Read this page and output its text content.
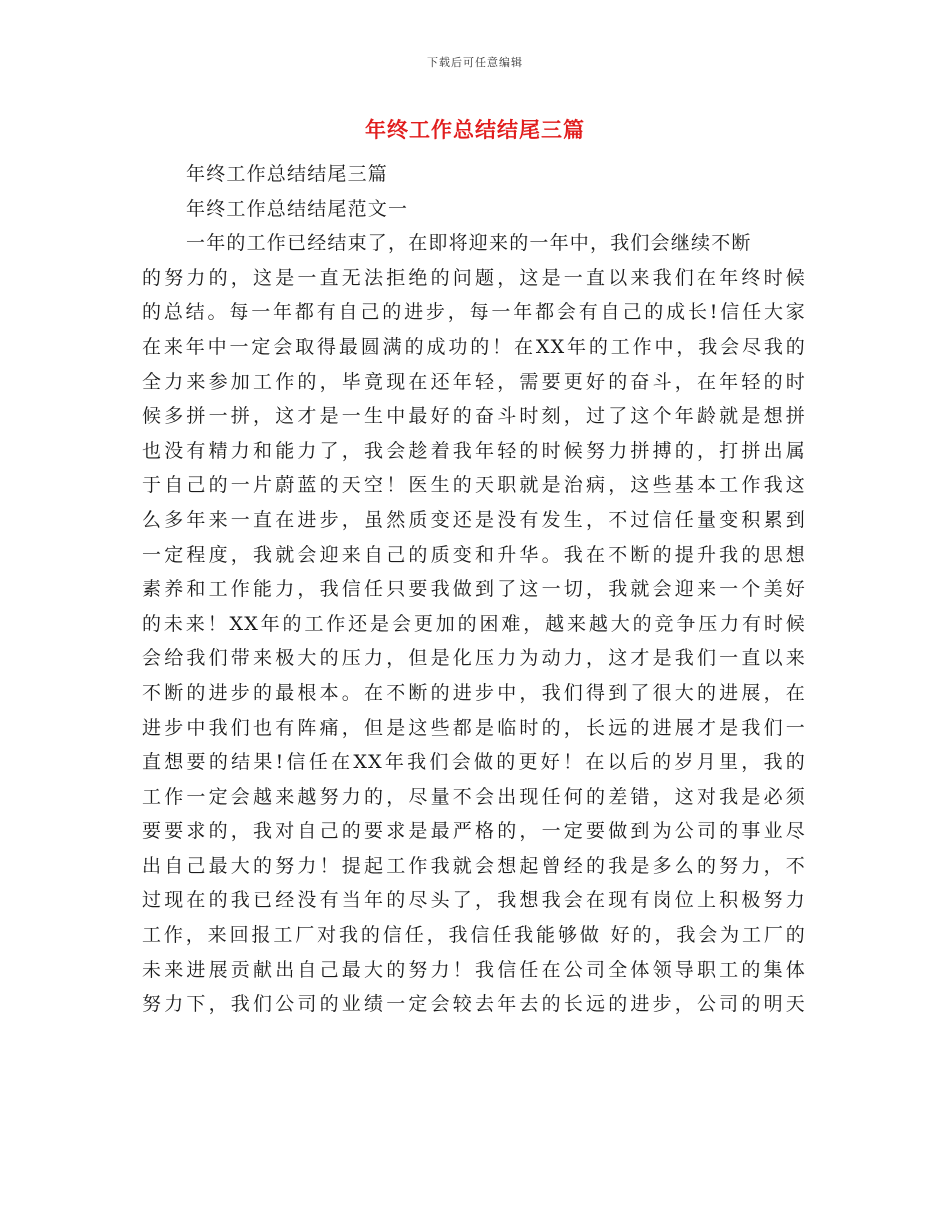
下载后可任意编辑
年终工作总结结尾三篇
年终工作总结结尾三篇
年终工作总结结尾范文一
一年的工作已经结束了，在即将迎来的一年中，我们会继续不断
的努力的，这是一直无法拒绝的问题，这是一直以来我们在年终时候
的总结。每一年都有自己的进步，每一年都会有自己的成长!信任大家
在来年中一定会取得最圆满的成功的！在XX年的工作中，我会尽我的
全力来参加工作的，毕竟现在还年轻，需要更好的奋斗，在年轻的时
候多拼一拼，这才是一生中最好的奋斗时刻，过了这个年龄就是想拼
也没有精力和能力了，我会趁着我年轻的时候努力拼搏的，打拼出属
于自己的一片蔚蓝的天空！医生的天职就是治病，这些基本工作我这
么多年来一直在进步，虽然质变还是没有发生，不过信任量变积累到
一定程度，我就会迎来自己的质变和升华。我在不断的提升我的思想
素养和工作能力，我信任只要我做到了这一切，我就会迎来一个美好
的未来！XX年的工作还是会更加的困难，越来越大的竞争压力有时候
会给我们带来极大的压力，但是化压力为动力，这才是我们一直以来
不断的进步的最根本。在不断的进步中，我们得到了很大的进展，在
进步中我们也有阵痛，但是这些都是临时的，长远的进展才是我们一
直想要的结果!信任在XX年我们会做的更好！在以后的岁月里，我的
工作一定会越来越努力的，尽量不会出现任何的差错，这对我是必须
要要求的，我对自己的要求是最严格的，一定要做到为公司的事业尽
出自己最大的努力！提起工作我就会想起曾经的我是多么的努力，不
过现在的我已经没有当年的尽头了，我想我会在现有岗位上积极努力
工作，来回报工厂对我的信任，我信任我能够做 好的，我会为工厂的
未来进展贡献出自己最大的努力！我信任在公司全体领导职工的集体
努力下，我们公司的业绩一定会较去年去的长远的进步，公司的明天
